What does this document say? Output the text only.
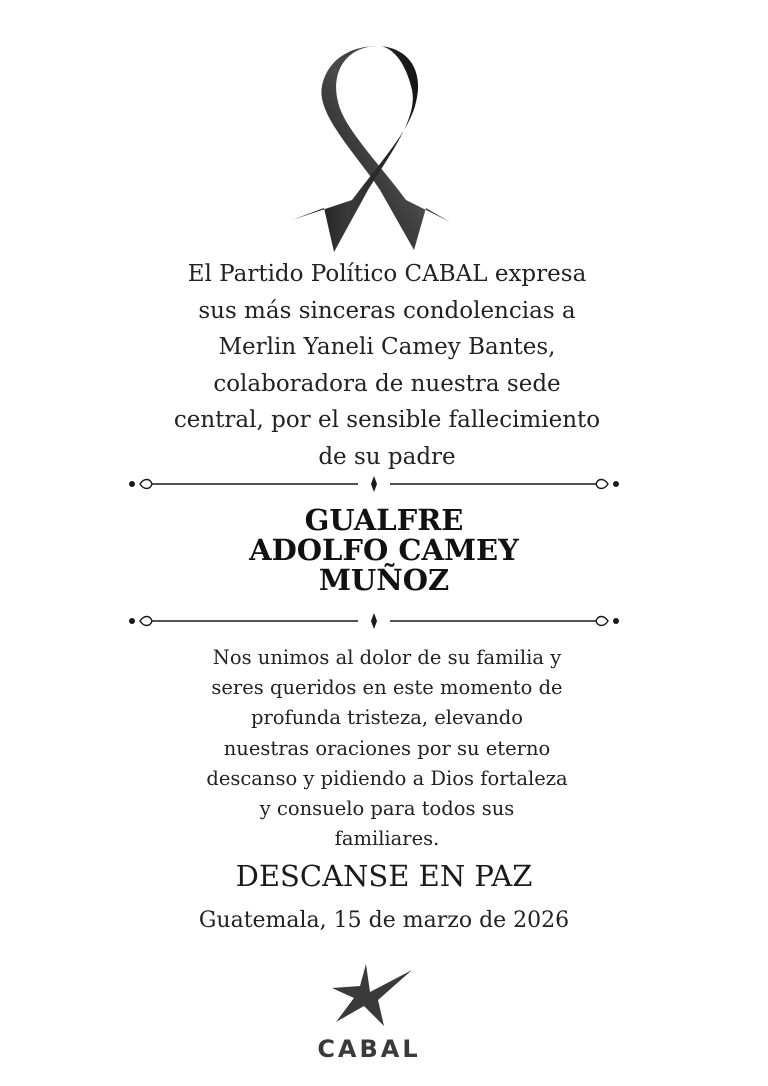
El Partido Político CABAL expresa
sus más sinceras condolencias a
Merlin Yaneli Camey Bantes,
colaboradora de nuestra sede
central, por el sensible fallecimiento
de su padre
GUALFRE
ADOLFO CAMEY
MUÑOZ
Nos unimos al dolor de su familia y
seres queridos en este momento de
profunda tristeza, elevando
nuestras oraciones por su eterno
descanso y pidiendo a Dios fortaleza
y consuelo para todos sus
familiares.
DESCANSE EN PAZ
Guatemala, 15 de marzo de 2026
CABAL
